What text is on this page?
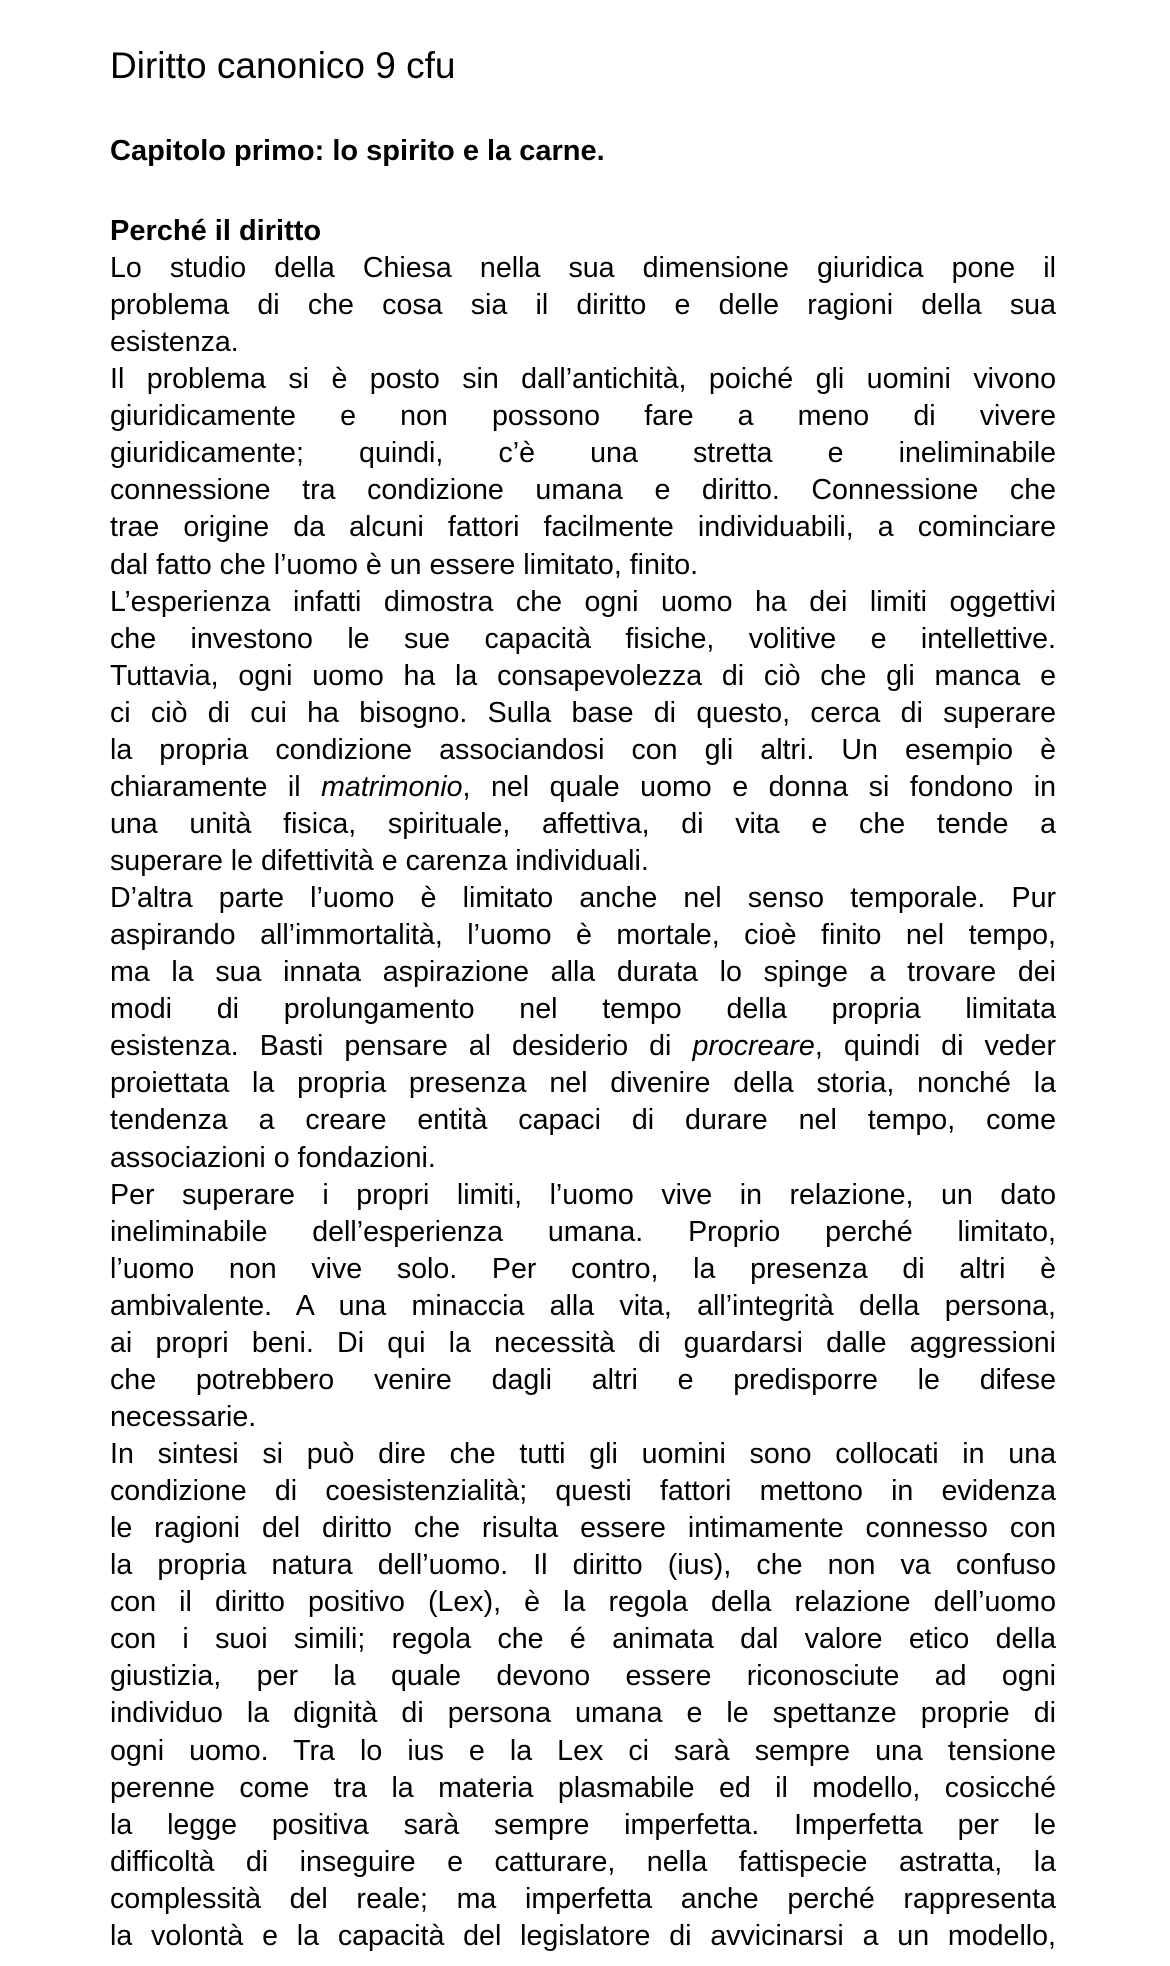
Diritto canonico 9 cfu
Capitolo primo: lo spirito e la carne.
Perché il diritto
Lo studio della Chiesa nella sua dimensione giuridica pone il
problema di che cosa sia il diritto e delle ragioni della sua
esistenza.
Il problema si è posto sin dall’antichità, poiché gli uomini vivono
giuridicamente e non possono fare a meno di vivere
giuridicamente; quindi, c’è una stretta e ineliminabile
connessione tra condizione umana e diritto. Connessione che
trae origine da alcuni fattori facilmente individuabili, a cominciare
dal fatto che l’uomo è un essere limitato, finito.
L’esperienza infatti dimostra che ogni uomo ha dei limiti oggettivi
che investono le sue capacità fisiche, volitive e intellettive.
Tuttavia, ogni uomo ha la consapevolezza di ciò che gli manca e
ci ciò di cui ha bisogno. Sulla base di questo, cerca di superare
la propria condizione associandosi con gli altri. Un esempio è
chiaramente il matrimonio, nel quale uomo e donna si fondono in
una unità fisica, spirituale, affettiva, di vita e che tende a
superare le difettività e carenza individuali.
D’altra parte l’uomo è limitato anche nel senso temporale. Pur
aspirando all’immortalità, l’uomo è mortale, cioè finito nel tempo,
ma la sua innata aspirazione alla durata lo spinge a trovare dei
modi di prolungamento nel tempo della propria limitata
esistenza. Basti pensare al desiderio di procreare, quindi di veder
proiettata la propria presenza nel divenire della storia, nonché la
tendenza a creare entità capaci di durare nel tempo, come
associazioni o fondazioni.
Per superare i propri limiti, l’uomo vive in relazione, un dato
ineliminabile dell’esperienza umana. Proprio perché limitato,
l’uomo non vive solo. Per contro, la presenza di altri è
ambivalente. A una minaccia alla vita, all’integrità della persona,
ai propri beni. Di qui la necessità di guardarsi dalle aggressioni
che potrebbero venire dagli altri e predisporre le difese
necessarie.
In sintesi si può dire che tutti gli uomini sono collocati in una
condizione di coesistenzialità; questi fattori mettono in evidenza
le ragioni del diritto che risulta essere intimamente connesso con
la propria natura dell’uomo. Il diritto (ius), che non va confuso
con il diritto positivo (Lex), è la regola della relazione dell’uomo
con i suoi simili; regola che é animata dal valore etico della
giustizia, per la quale devono essere riconosciute ad ogni
individuo la dignità di persona umana e le spettanze proprie di
ogni uomo. Tra lo ius e la Lex ci sarà sempre una tensione
perenne come tra la materia plasmabile ed il modello, cosicché
la legge positiva sarà sempre imperfetta. Imperfetta per le
difficoltà di inseguire e catturare, nella fattispecie astratta, la
complessità del reale; ma imperfetta anche perché rappresenta
la volontà e la capacità del legislatore di avvicinarsi a un modello,
